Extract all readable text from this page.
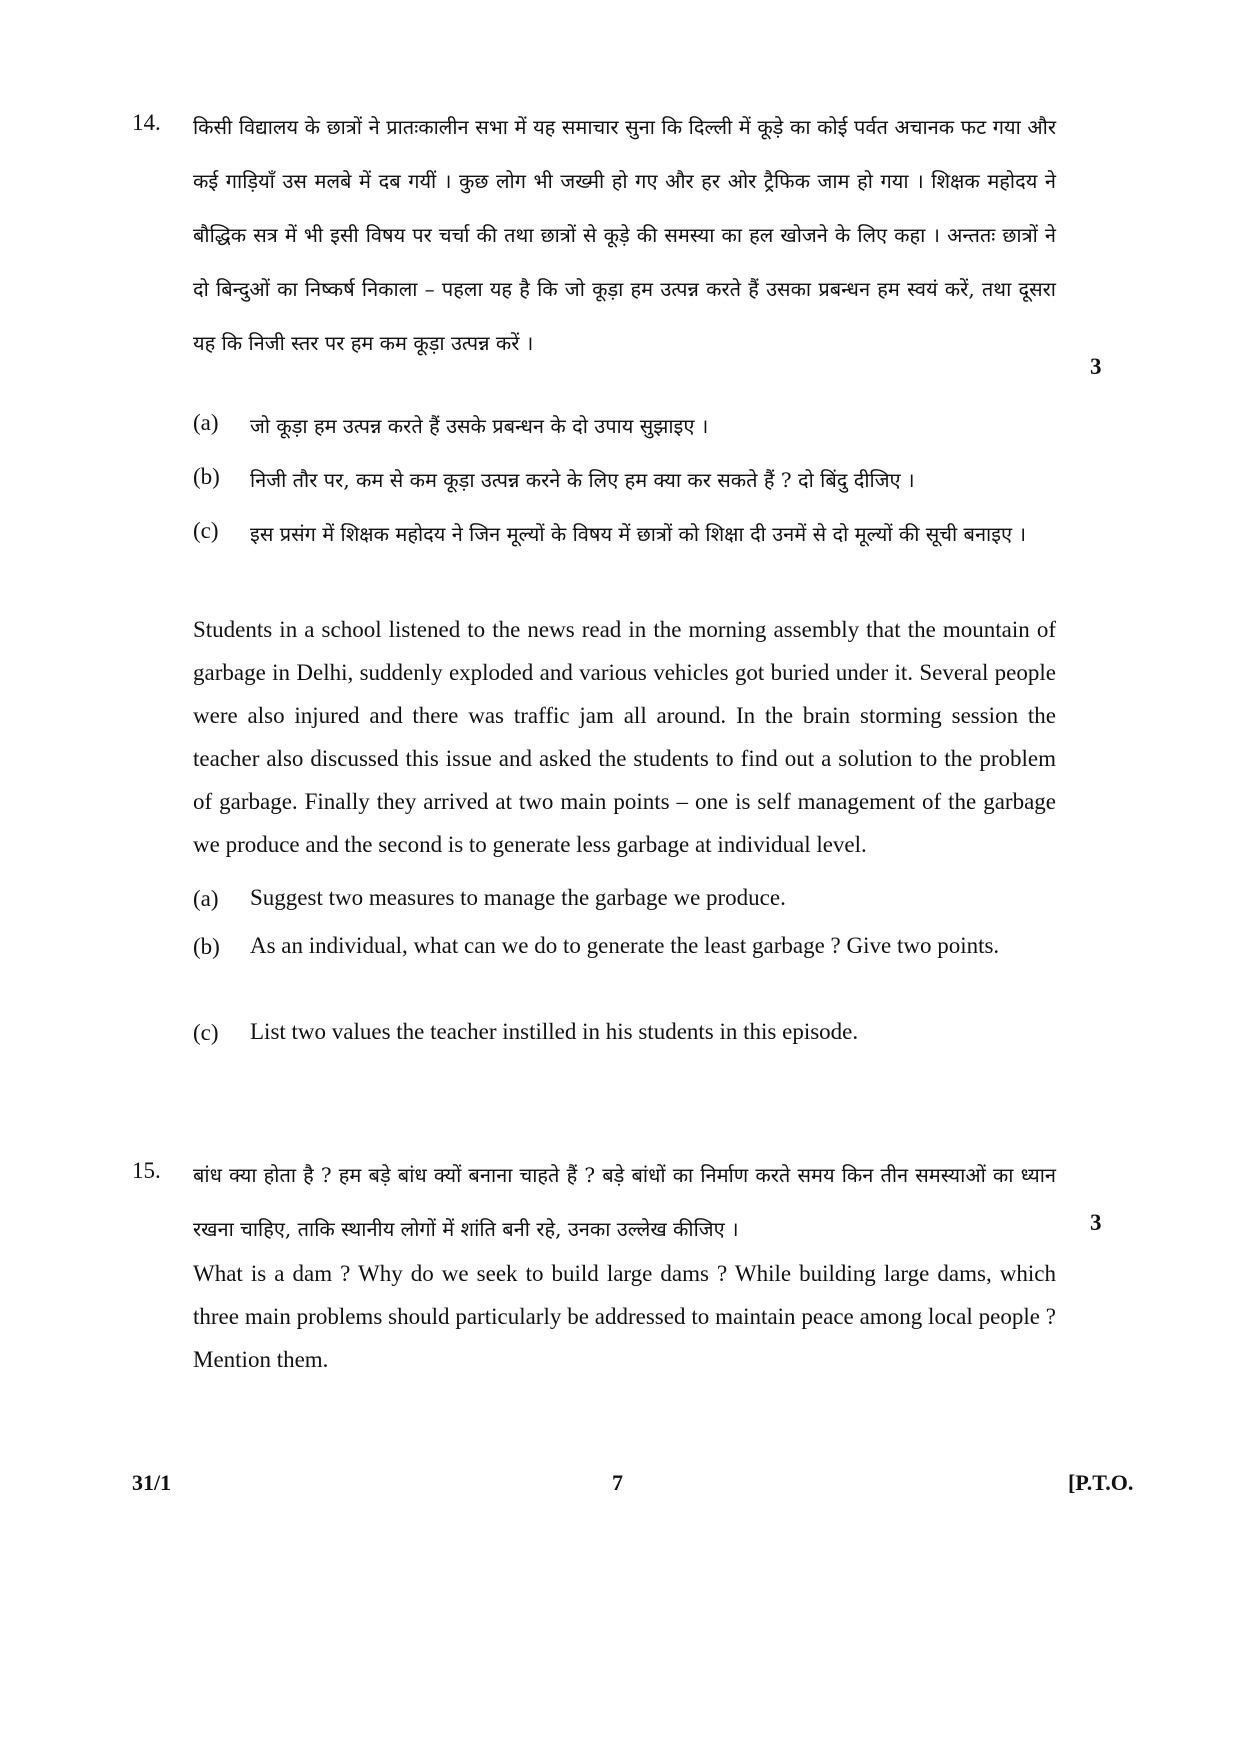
14. किसी विद्यालय के छात्रों ने प्रातःकालीन सभा में यह समाचार सुना कि दिल्ली में कूड़े का कोई पर्वत अचानक फट गया और कई गाड़ियाँ उस मलबे में दब गयीं । कुछ लोग भी जख्मी हो गए और हर ओर ट्रैफिक जाम हो गया । शिक्षक महोदय ने बौद्धिक सत्र में भी इसी विषय पर चर्चा की तथा छात्रों से कूड़े की समस्या का हल खोजने के लिए कहा । अन्ततः छात्रों ने दो बिन्दुओं का निष्कर्ष निकाला – पहला यह है कि जो कूड़ा हम उत्पन्न करते हैं उसका प्रबन्धन हम स्वयं करें, तथा दूसरा यह कि निजी स्तर पर हम कम कूड़ा उत्पन्न करें ।
3
(a) जो कूड़ा हम उत्पन्न करते हैं उसके प्रबन्धन के दो उपाय सुझाइए ।
(b) निजी तौर पर, कम से कम कूड़ा उत्पन्न करने के लिए हम क्या कर सकते हैं ? दो बिंदु दीजिए ।
(c) इस प्रसंग में शिक्षक महोदय ने जिन मूल्यों के विषय में छात्रों को शिक्षा दी उनमें से दो मूल्यों की सूची बनाइए ।
Students in a school listened to the news read in the morning assembly that the mountain of garbage in Delhi, suddenly exploded and various vehicles got buried under it. Several people were also injured and there was traffic jam all around. In the brain storming session the teacher also discussed this issue and asked the students to find out a solution to the problem of garbage. Finally they arrived at two main points – one is self management of the garbage we produce and the second is to generate less garbage at individual level.
(a) Suggest two measures to manage the garbage we produce.
(b) As an individual, what can we do to generate the least garbage ? Give two points.
(c) List two values the teacher instilled in his students in this episode.
15. बांध क्या होता है ? हम बड़े बांध क्यों बनाना चाहते हैं ? बड़े बांधों का निर्माण करते समय किन तीन समस्याओं का ध्यान रखना चाहिए, ताकि स्थानीय लोगों में शांति बनी रहे, उनका उल्लेख कीजिए ।	3
What is a dam ? Why do we seek to build large dams ? While building large dams, which three main problems should particularly be addressed to maintain peace among local people ? Mention them.
31/1	7	[P.T.O.
